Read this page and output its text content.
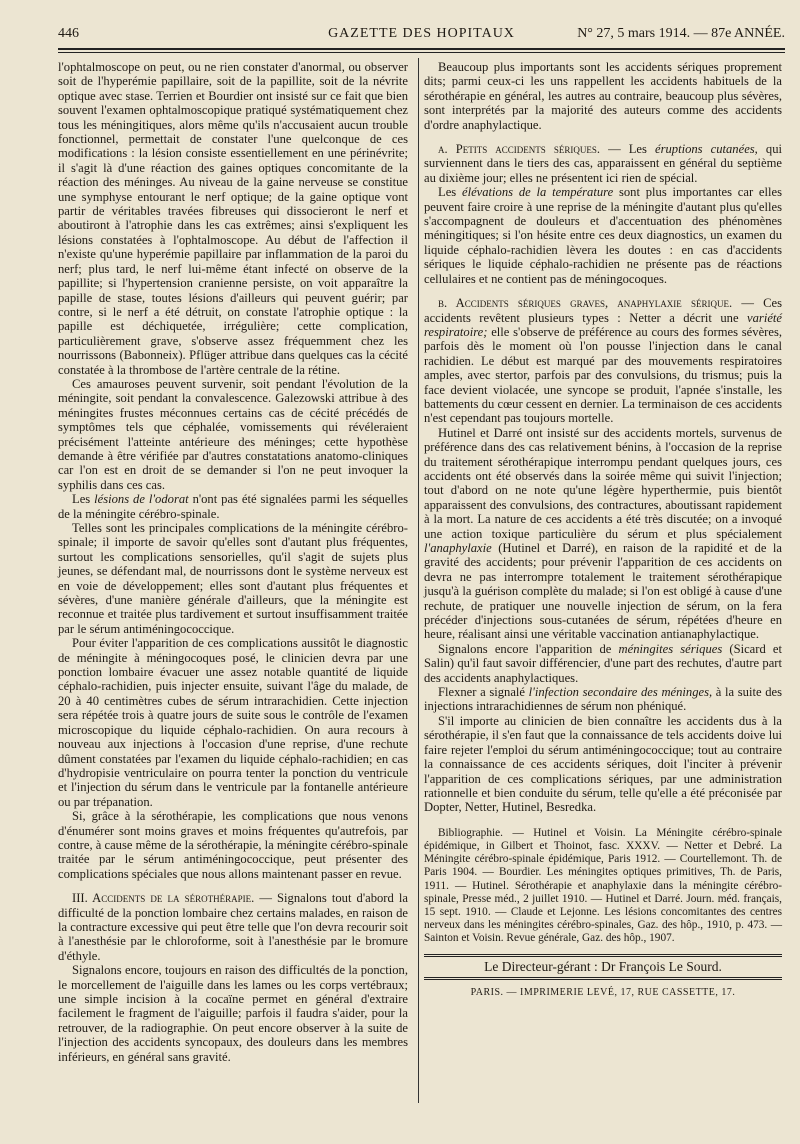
446	GAZETTE DES HOPITAUX	N° 27, 5 mars 1914. — 87e ANNÉE.

l'ophtalmoscope on peut, ou ne rien constater d'anormal, ou observer soit de l'hyperémie papillaire, soit de la papillite, soit de la névrite optique avec stase. Terrien et Bourdier ont insisté sur ce fait que bien souvent l'examen ophtalmoscopique pratiqué systématiquement chez tous les méningitiques, alors même qu'ils n'accusaient aucun trouble fonctionnel, permettait de constater l'une quelconque de ces modifications : la lésion consiste essentiellement en une périnévrite; il s'agit là d'une réaction des gaines optiques concomitante de la réaction des méninges. Au niveau de la gaine nerveuse se constitue une symphyse entourant le nerf optique; de la gaine optique vont partir de véritables travées fibreuses qui dissocieront le nerf et aboutiront à l'atrophie dans les cas extrêmes; ainsi s'expliquent les lésions constatées à l'ophtalmoscope. Au début de l'affection il n'existe qu'une hyperémie papillaire par inflammation de la paroi du nerf; plus tard, le nerf lui-même étant infecté on observe de la papillite; si l'hypertension cranienne persiste, on voit apparaître la papille de stase, toutes lésions d'ailleurs qui peuvent guérir; par contre, si le nerf a été détruit, on constate l'atrophie optique : la papille est déchiquetée, irrégulière; cette complication, particulièrement grave, s'observe assez fréquemment chez les nourrissons (Babonneix). Pflüger attribue dans quelques cas la cécité constatée à la thrombose de l'artère centrale de la rétine.

Ces amauroses peuvent survenir, soit pendant l'évolution de la méningite, soit pendant la convalescence. Galezowski attribue à des méningites frustes méconnues certains cas de cécité précédés de symptômes tels que céphalée, vomissements qui révéleraient précisément l'atteinte antérieure des méninges; cette hypothèse demande à être vérifiée par d'autres constatations anatomo-cliniques car l'on est en droit de se demander si l'on ne peut invoquer la syphilis dans ces cas.

Les lésions de l'odorat n'ont pas été signalées parmi les séquelles de la méningite cérébro-spinale.

Telles sont les principales complications de la méningite cérébro-spinale; il importe de savoir qu'elles sont d'autant plus fréquentes, surtout les complications sensorielles, qu'il s'agit de sujets plus jeunes, se défendant mal, de nourrissons dont le système nerveux est en voie de développement; elles sont d'autant plus fréquentes et sévères, d'une manière générale d'ailleurs, que la méningite est reconnue et traitée plus tardivement et surtout insuffisamment traitée par le sérum antiméningococcique.

Pour éviter l'apparition de ces complications aussitôt le diagnostic de méningite à méningocoques posé, le clinicien devra par une ponction lombaire évacuer une assez notable quantité de liquide céphalo-rachidien, puis injecter ensuite, suivant l'âge du malade, de 20 à 40 centimètres cubes de sérum intrarachidien. Cette injection sera répétée trois à quatre jours de suite sous le contrôle de l'examen microscopique du liquide céphalo-rachidien. On aura recours à nouveau aux injections à l'occasion d'une reprise, d'une rechute dûment constatées par l'examen du liquide céphalo-rachidien; en cas d'hydropisie ventriculaire on pourra tenter la ponction du ventricule et l'injection du sérum dans le ventricule par la fontanelle antérieure ou par trépanation.

Si, grâce à la sérothérapie, les complications que nous venons d'énumérer sont moins graves et moins fréquentes qu'autrefois, par contre, à cause même de la sérothérapie, la méningite cérébro-spinale traitée par le sérum antiméningococcique, peut présenter des complications spéciales que nous allons maintenant passer en revue.

III. Accidents de la sérothérapie. — Signalons tout d'abord la difficulté de la ponction lombaire chez certains malades, en raison de la contracture excessive qui peut être telle que l'on devra recourir soit à l'anesthésie par le chloroforme, soit à l'anesthésie par le bromure d'éthyle.

Signalons encore, toujours en raison des difficultés de la ponction, le morcellement de l'aiguille dans les lames ou les corps vertébraux; une simple incision à la cocaïne permet en général d'extraire facilement le fragment de l'aiguille; parfois il faudra s'aider, pour la retrouver, de la radiographie. On peut encore observer à la suite de l'injection des accidents syncopaux, des douleurs dans les membres inférieurs, en général sans gravité.

Beaucoup plus importants sont les accidents sériques proprement dits; parmi ceux-ci les uns rappellent les accidents habituels de la sérothérapie en général, les autres au contraire, beaucoup plus sévères, sont interprétés par la majorité des auteurs comme des accidents d'ordre anaphylactique.

a. Petits accidents sériques. — Les éruptions cutanées, qui surviennent dans le tiers des cas, apparaissent en général du septième au dixième jour; elles ne présentent ici rien de spécial.

Les élévations de la température sont plus importantes car elles peuvent faire croire à une reprise de la méningite d'autant plus qu'elles s'accompagnent de douleurs et d'accentuation des phénomènes méningitiques; si l'on hésite entre ces deux diagnostics, un examen du liquide céphalo-rachidien lèvera les doutes : en cas d'accidents sériques le liquide céphalo-rachidien ne présente pas de réactions cellulaires et ne contient pas de méningocoques.

b. Accidents sériques graves, anaphylaxie sérique. — Ces accidents revêtent plusieurs types : Netter a décrit une variété respiratoire; elle s'observe de préférence au cours des formes sévères, parfois dès le moment où l'on pousse l'injection dans le canal rachidien. Le début est marqué par des mouvements respiratoires amples, avec stertor, parfois par des convulsions, du trismus; puis la face devient violacée, une syncope se produit, l'apnée s'installe, les battements du cœur cessent en dernier. La terminaison de ces accidents n'est cependant pas toujours mortelle.

Hutinel et Darré ont insisté sur des accidents mortels, survenus de préférence dans des cas relativement bénins, à l'occasion de la reprise du traitement sérothérapique interrompu pendant quelques jours, ces accidents ont été observés dans la soirée même qui suivit l'injection; tout d'abord on ne note qu'une légère hyperthermie, puis bientôt apparaissent des convulsions, des contractures, aboutissant rapidement à la mort. La nature de ces accidents a été très discutée; on a invoqué une action toxique particulière du sérum et plus spécialement l'anaphylaxie (Hutinel et Darré), en raison de la rapidité et de la gravité des accidents; pour prévenir l'apparition de ces accidents on devra ne pas interrompre totalement le traitement sérothérapique jusqu'à la guérison complète du malade; si l'on est obligé à cause d'une rechute, de pratiquer une nouvelle injection de sérum, on la fera précéder d'injections sous-cutanées de sérum, répétées d'heure en heure, réalisant ainsi une véritable vaccination antianaphylactique.

Signalons encore l'apparition de méningites sériques (Sicard et Salin) qu'il faut savoir différencier, d'une part des rechutes, d'autre part des accidents anaphylactiques.

Flexner a signalé l'infection secondaire des méninges, à la suite des injections intrarachidiennes de sérum non phéniqué.

S'il importe au clinicien de bien connaître les accidents dus à la sérothérapie, il s'en faut que la connaissance de tels accidents doive lui faire rejeter l'emploi du sérum antiméningococcique; tout au contraire la connaissance de ces accidents sériques, doit l'inciter à prévenir l'apparition de ces complications sériques, par une administration rationnelle et bien conduite du sérum, telle qu'elle a été préconisée par Dopter, Netter, Hutinel, Besredka.

Bibliographie. — Hutinel et Voisin. La Méningite cérébro-spinale épidémique, in Gilbert et Thoinot, fasc. XXXV. — Netter et Debré. La Méningite cérébro-spinale épidémique, Paris 1912. — Courtellemont. Th. de Paris 1904. — Bourdier. Les méningites optiques primitives, Th. de Paris, 1911. — Hutinel. Sérothérapie et anaphylaxie dans la méningite cérébro-spinale, Presse méd., 2 juillet 1910. — Hutinel et Darré. Journ. méd. français, 15 sept. 1910. — Claude et Lejonne. Les lésions concomitantes des centres nerveux dans les méningites cérébro-spinales, Gaz. des hôp., 1910, p. 473. — Sainton et Voisin. Revue générale, Gaz. des hôp., 1907.

Le Directeur-gérant : Dr François Le Sourd.
PARIS. — IMPRIMERIE LEVÉ, 17, RUE CASSETTE, 17.
